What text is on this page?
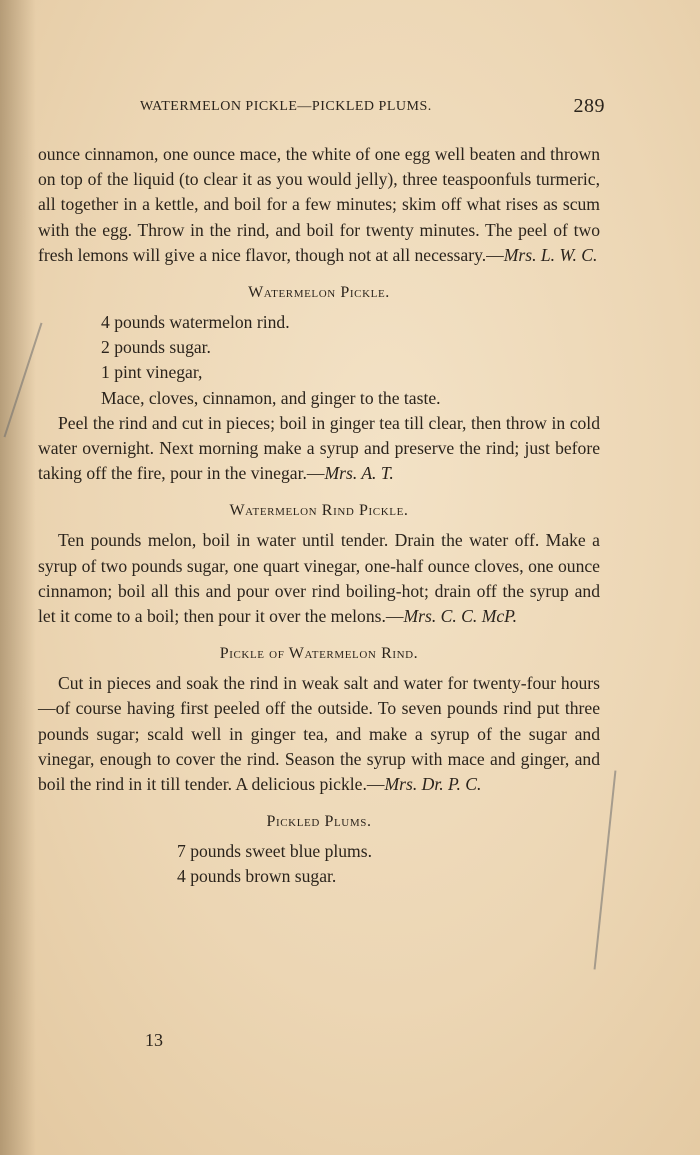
WATERMELON PICKLE—PICKLED PLUMS.	289

ounce cinnamon, one ounce mace, the white of one egg well beaten and thrown on top of the liquid (to clear it as you would jelly), three teaspoonfuls turmeric, all together in a kettle, and boil for a few minutes; skim off what rises as scum with the egg. Throw in the rind, and boil for twenty minutes. The peel of two fresh lemons will give a nice flavor, though not at all necessary.—Mrs. L. W. C.

Watermelon Pickle.
4 pounds watermelon rind.
2 pounds sugar.
1 pint vinegar,
Mace, cloves, cinnamon, and ginger to the taste.

Peel the rind and cut in pieces; boil in ginger tea till clear, then throw in cold water overnight. Next morning make a syrup and preserve the rind; just before taking off the fire, pour in the vinegar.—Mrs. A. T.

Watermelon Rind Pickle.

Ten pounds melon, boil in water until tender. Drain the water off. Make a syrup of two pounds sugar, one quart vinegar, one-half ounce cloves, one ounce cinnamon; boil all this and pour over rind boiling-hot; drain off the syrup and let it come to a boil; then pour it over the melons.—Mrs. C. C. McP.

Pickle of Watermelon Rind.

Cut in pieces and soak the rind in weak salt and water for twenty-four hours—of course having first peeled off the outside. To seven pounds rind put three pounds sugar; scald well in ginger tea, and make a syrup of the sugar and vinegar, enough to cover the rind. Season the syrup with mace and ginger, and boil the rind in it till tender. A delicious pickle.—Mrs. Dr. P. C.

Pickled Plums.
7 pounds sweet blue plums.
4 pounds brown sugar.
13
